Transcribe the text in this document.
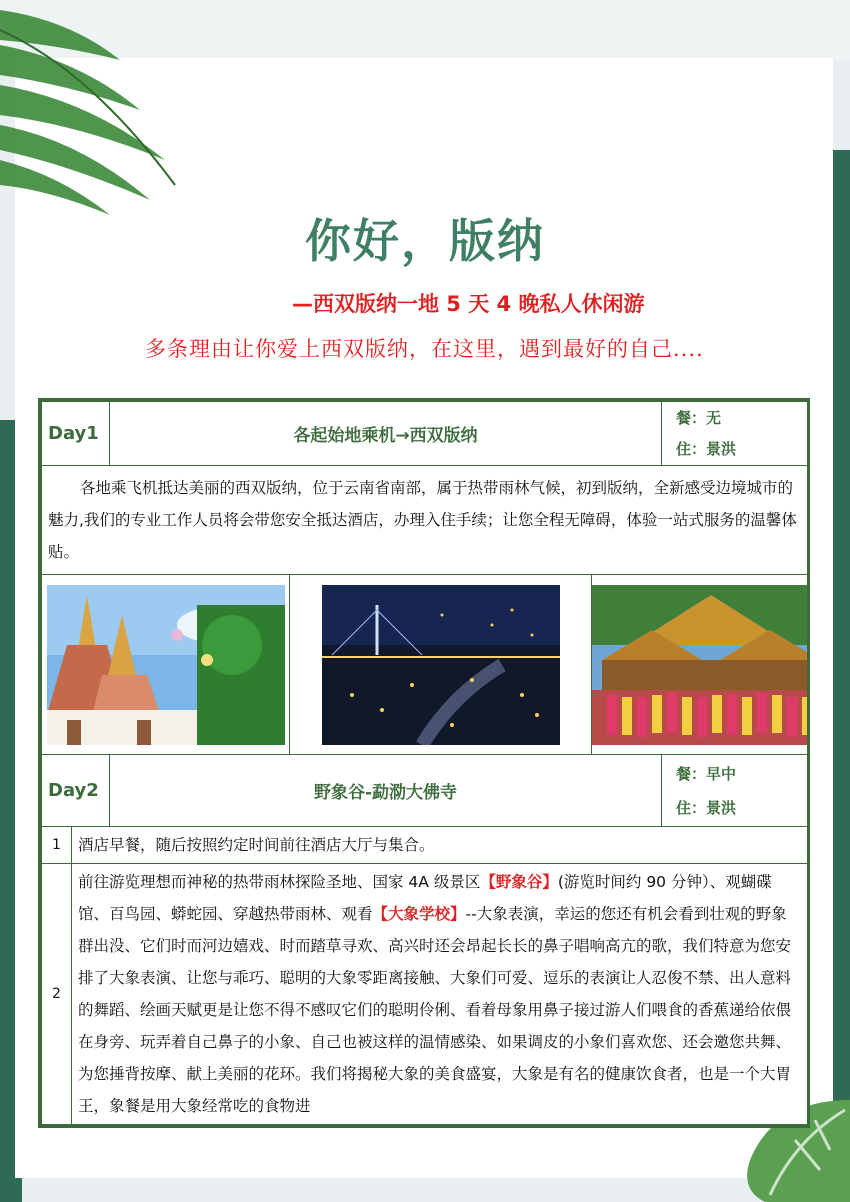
你好，版纳
—西双版纳一地 5 天 4 晚私人休闲游
多条理由让你爱上西双版纳，在这里，遇到最好的自己....
Day1		各起始地乘机→西双版纳			餐：无
住：景洪

各地乘飞机抵达美丽的西双版纳，位于云南省南部，属于热带雨林气候，初到版纳，全新感受边境城市的魅力,我们的专业工作人员将会带您安全抵达酒店，办理入住手续；让您全程无障碍，体验一站式服务的温馨体贴。					

Day2		野象谷-勐泐大佛寺			餐：早中
住：景洪

1	酒店早餐，随后按照约定时间前往酒店大厅与集合。				
2	前往游览理想而神秘的热带雨林探险圣地、国家 4A 级景区【野象谷】(游览时间约 90 分钟）、观蝴碟馆、百鸟园、蟒蛇园、穿越热带雨林、观看【大象学校】--大象表演，幸运的您还有机会看到壮观的野象群出没、它们时而河边嬉戏、时而踏草寻欢、高兴时还会昂起长长的鼻子唱响高亢的歌，我们特意为您安排了大象表演、让您与乖巧、聪明的大象零距离接触、大象们可爱、逗乐的表演让人忍俊不禁、出人意料的舞蹈、绘画天赋更是让您不得不感叹它们的聪明伶俐、看着母象用鼻子接过游人们喂食的香蕉递给依偎在身旁、玩弄着自己鼻子的小象、自己也被这样的温情感染、如果调皮的小象们喜欢您、还会邀您共舞、为您捶背按摩、献上美丽的花环。我们将揭秘大象的美食盛宴，大象是有名的健康饮食者，也是一个大胃王，象餐是用大象经常吃的食物进				
